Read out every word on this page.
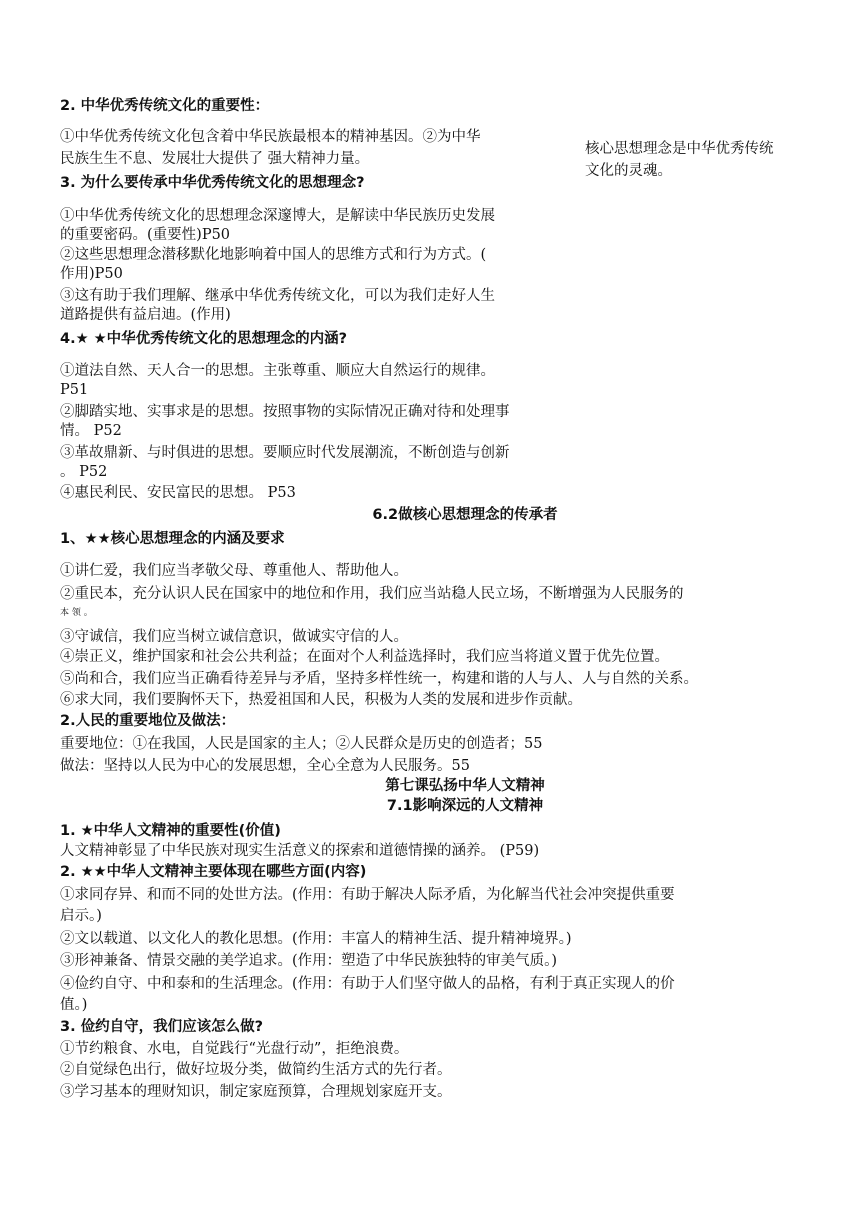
2. 中华优秀传统文化的重要性：
①中华优秀传统文化包含着中华民族最根本的精神基因。②为中华
民族生生不息、发展壮大提供了 强大精神力量。
3. 为什么要传承中华优秀传统文化的思想理念?
①中华优秀传统文化的思想理念深邃博大，是解读中华民族历史发展
的重要密码。(重要性)P50
②这些思想理念潜移默化地影响着中国人的思维方式和行为方式。(
作用)P50
③这有助于我们理解、继承中华优秀传统文化，可以为我们走好人生
道路提供有益启迪。(作用)
4.★ ★中华优秀传统文化的思想理念的内涵?
①道法自然、天人合一的思想。主张尊重、顺应大自然运行的规律。
P51
②脚踏实地、实事求是的思想。按照事物的实际情况正确对待和处理事
情。 P52
③革故鼎新、与时俱进的思想。要顺应时代发展潮流，不断创造与创新
。 P52
④惠民利民、安民富民的思想。 P53
核心思想理念是中华优秀传统
文化的灵魂。
6.2做核心思想理念的传承者
1、★★核心思想理念的内涵及要求
①讲仁爱，我们应当孝敬父母、尊重他人、帮助他人。
②重民本，充分认识人民在国家中的地位和作用，我们应当站稳人民立场，不断增强为人民服务的
本 领 。
③守诚信，我们应当树立诚信意识，做诚实守信的人。
④崇正义，维护国家和社会公共利益；在面对个人利益选择时，我们应当将道义置于优先位置。
⑤尚和合，我们应当正确看待差异与矛盾，坚持多样性统一，构建和谐的人与人、人与自然的关系。
⑥求大同，我们要胸怀天下，热爱祖国和人民，积极为人类的发展和进步作贡献。
2.人民的重要地位及做法：
重要地位：①在我国，人民是国家的主人；②人民群众是历史的创造者；55
做法：坚持以人民为中心的发展思想，全心全意为人民服务。55
第七课弘扬中华人文精神
7.1影响深远的人文精神
1. ★中华人文精神的重要性(价值)
人文精神彰显了中华民族对现实生活意义的探索和道德情操的涵养。 (P59)
2. ★★中华人文精神主要体现在哪些方面(内容)
①求同存异、和而不同的处世方法。(作用：有助于解决人际矛盾，为化解当代社会冲突提供重要
启示。)
②文以载道、以文化人的教化思想。(作用：丰富人的精神生活、提升精神境界。)
③形神兼备、情景交融的美学追求。(作用：塑造了中华民族独特的审美气质。)
④俭约自守、中和泰和的生活理念。(作用：有助于人们坚守做人的品格，有利于真正实现人的价
值。)
3. 俭约自守，我们应该怎么做?
①节约粮食、水电，自觉践行“光盘行动”，拒绝浪费。
②自觉绿色出行，做好垃圾分类，做简约生活方式的先行者。
③学习基本的理财知识，制定家庭预算，合理规划家庭开支。
